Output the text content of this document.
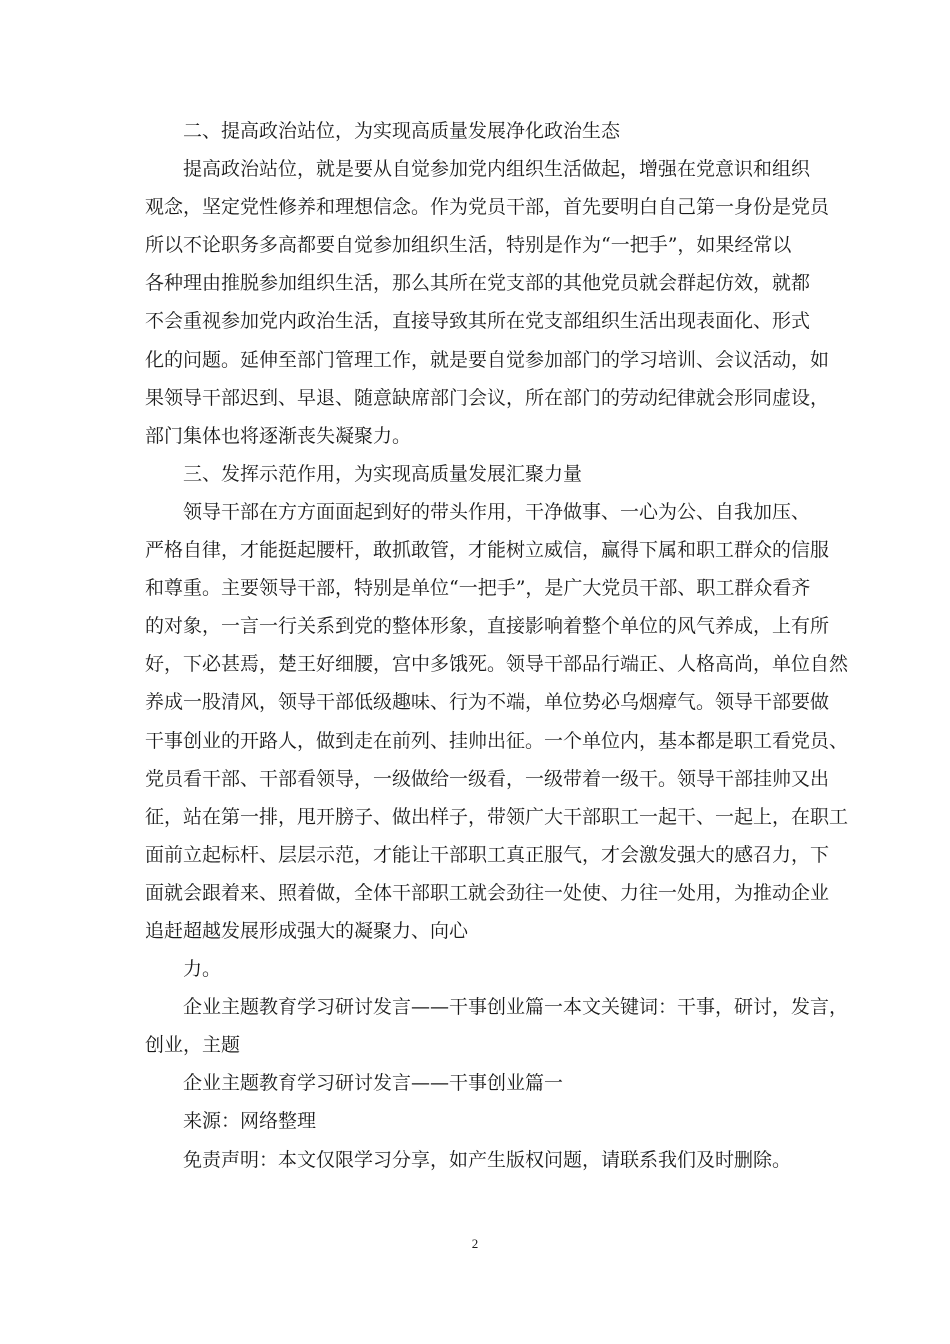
二、提高政治站位，为实现高质量发展净化政治生态
提高政治站位，就是要从自觉参加党内组织生活做起，增强在党意识和组织
观念，坚定党性修养和理想信念。作为党员干部，首先要明白自己第一身份是党员
所以不论职务多高都要自觉参加组织生活，特别是作为“一把手”，如果经常以
各种理由推脱参加组织生活，那么其所在党支部的其他党员就会群起仿效，就都
不会重视参加党内政治生活，直接导致其所在党支部组织生活出现表面化、形式
化的问题。延伸至部门管理工作，就是要自觉参加部门的学习培训、会议活动，如
果领导干部迟到、早退、随意缺席部门会议，所在部门的劳动纪律就会形同虚设，
部门集体也将逐渐丧失凝聚力。
三、发挥示范作用，为实现高质量发展汇聚力量
领导干部在方方面面起到好的带头作用，干净做事、一心为公、自我加压、
严格自律，才能挺起腰杆，敢抓敢管，才能树立威信，赢得下属和职工群众的信服
和尊重。主要领导干部，特别是单位“一把手”，是广大党员干部、职工群众看齐
的对象，一言一行关系到党的整体形象，直接影响着整个单位的风气养成，上有所
好，下必甚焉，楚王好细腰，宫中多饿死。领导干部品行端正、人格高尚，单位自然
养成一股清风，领导干部低级趣味、行为不端，单位势必乌烟瘴气。领导干部要做
干事创业的开路人，做到走在前列、挂帅出征。一个单位内，基本都是职工看党员、
党员看干部、干部看领导，一级做给一级看，一级带着一级干。领导干部挂帅又出
征，站在第一排，甩开膀子、做出样子，带领广大干部职工一起干、一起上，在职工
面前立起标杆、层层示范，才能让干部职工真正服气，才会激发强大的感召力，下
面就会跟着来、照着做，全体干部职工就会劲往一处使、力往一处用，为推动企业
追赶超越发展形成强大的凝聚力、向心
力。
企业主题教育学习研讨发言——干事创业篇一本文关键词：干事，研讨，发言，
创业，主题
企业主题教育学习研讨发言——干事创业篇一
来源：网络整理
免责声明：本文仅限学习分享，如产生版权问题，请联系我们及时删除。
2
